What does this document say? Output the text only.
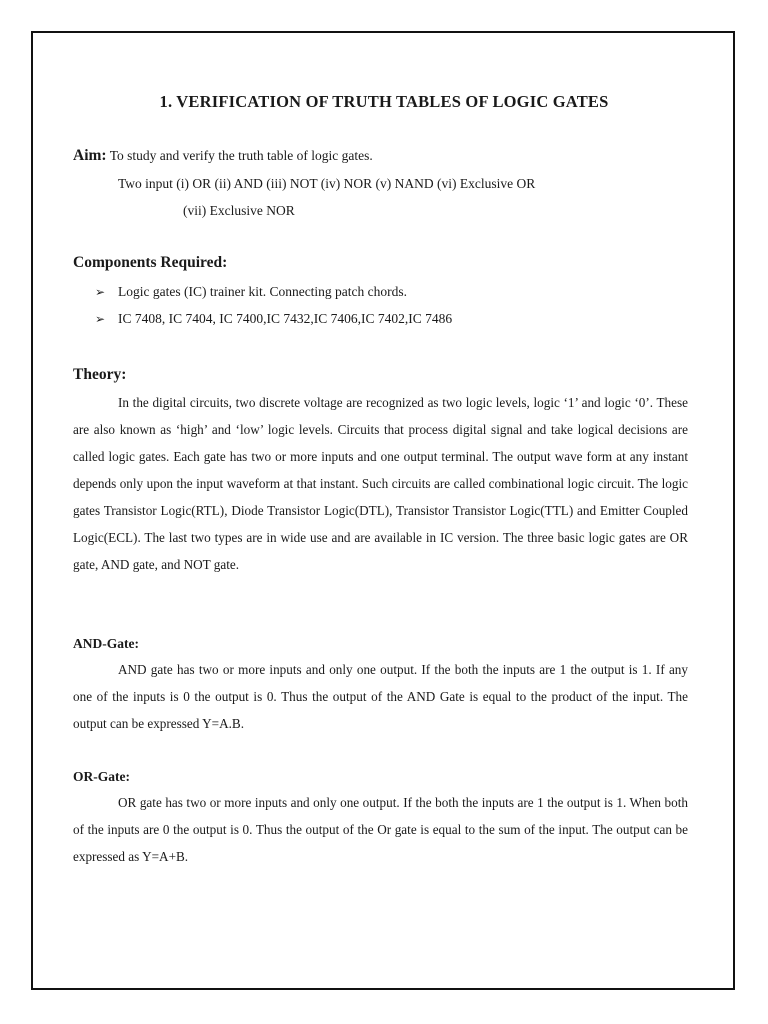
1. VERIFICATION OF TRUTH TABLES OF LOGIC GATES
Aim: To study and verify the truth table of logic gates.
Two input (i) OR (ii) AND (iii) NOT (iv) NOR (v) NAND (vi) Exclusive OR
(vii) Exclusive NOR
Components Required:
➢ Logic gates (IC) trainer kit. Connecting patch chords.
➢ IC 7408, IC 7404, IC 7400,IC 7432,IC 7406,IC 7402,IC 7486
Theory:
In the digital circuits, two discrete voltage are recognized as two logic levels, logic ‘1’ and logic ‘0’. These are also known as ‘high’ and ‘low’ logic levels. Circuits that process digital signal and take logical decisions are called logic gates. Each gate has two or more inputs and one output terminal. The output wave form at any instant depends only upon the input waveform at that instant. Such circuits are called combinational logic circuit. The logic gates Transistor Logic(RTL), Diode Transistor Logic(DTL), Transistor Transistor Logic(TTL) and Emitter Coupled Logic(ECL). The last two types are in wide use and are available in IC version. The three basic logic gates are OR gate, AND gate, and NOT gate.
AND-Gate:
AND gate has two or more inputs and only one output. If the both the inputs are 1 the output is 1. If any one of the inputs is 0 the output is 0. Thus the output of the AND Gate is equal to the product of the input. The output can be expressed Y=A.B.
OR-Gate:
OR gate has two or more inputs and only one output. If the both the inputs are 1 the output is 1. When both of the inputs are 0 the output is 0. Thus the output of the Or gate is equal to the sum of the input. The output can be expressed as Y=A+B.
